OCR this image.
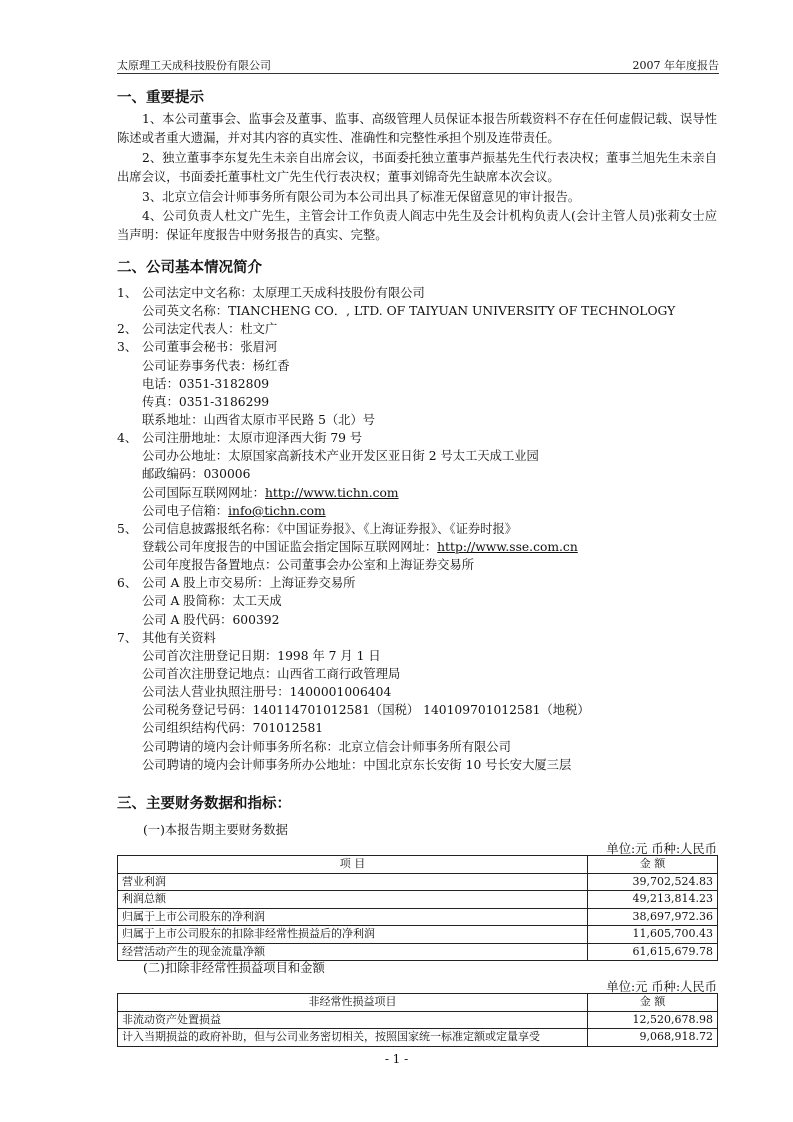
太原理工天成科技股份有限公司	2007 年年度报告
一、重要提示

1、本公司董事会、监事会及董事、监事、高级管理人员保证本报告所载资料不存在任何虚假记载、误导性陈述或者重大遗漏，并对其内容的真实性、准确性和完整性承担个别及连带责任。

2、独立董事李东复先生未亲自出席会议，书面委托独立董事芦振基先生代行表决权；董事兰旭先生未亲自出席会议，书面委托董事杜文广先生代行表决权；董事刘锦奇先生缺席本次会议。

3、北京立信会计师事务所有限公司为本公司出具了标准无保留意见的审计报告。

4、公司负责人杜文广先生，主管会计工作负责人阎志中先生及会计机构负责人(会计主管人员)张莉女士应当声明：保证年度报告中财务报告的真实、完整。

二、公司基本情况简介
1、 公司法定中文名称：太原理工天成科技股份有限公司
公司英文名称：TIANCHENG CO．, LTD. OF TAIYUAN UNIVERSITY OF TECHNOLOGY
2、 公司法定代表人：杜文广
3、 公司董事会秘书：张眉河
公司证券事务代表：杨红香
电话：0351-3182809
传真：0351-3186299
联系地址：山西省太原市平民路 5（北）号
4、 公司注册地址：太原市迎泽西大街 79 号
公司办公地址：太原国家高新技术产业开发区亚日街 2 号太工天成工业园
邮政编码：030006
公司国际互联网网址：http://www.tichn.com
公司电子信箱：info@tichn.com
5、 公司信息披露报纸名称：《中国证券报》、《上海证券报》、《证券时报》
登载公司年度报告的中国证监会指定国际互联网网址：http://www.sse.com.cn
公司年度报告备置地点：公司董事会办公室和上海证券交易所
6、 公司 A 股上市交易所：上海证券交易所
公司 A 股简称：太工天成
公司 A 股代码：600392
7、 其他有关资料
公司首次注册登记日期：1998 年 7 月 1 日
公司首次注册登记地点：山西省工商行政管理局
公司法人营业执照注册号：1400001006404
公司税务登记号码：140114701012581（国税） 140109701012581（地税）
公司组织结构代码：701012581
公司聘请的境内会计师事务所名称：北京立信会计师事务所有限公司
公司聘请的境内会计师事务所办公地址：中国北京东长安街 10 号长安大厦三层
三、主要财务数据和指标：
(一)本报告期主要财务数据
单位:元 币种:人民币
项 目	金 额
营业利润	39,702,524.83
利润总额	49,213,814.23
归属于上市公司股东的净利润	38,697,972.36
归属于上市公司股东的扣除非经常性损益后的净利润	11,605,700.43
经营活动产生的现金流量净额	61,615,679.78
(二)扣除非经常性损益项目和金额
单位:元 币种:人民币
非经常性损益项目	金 额
非流动资产处置损益	12,520,678.98
计入当期损益的政府补助，但与公司业务密切相关，按照国家统一标准定额或定量享受	9,068,918.72
- 1 -
